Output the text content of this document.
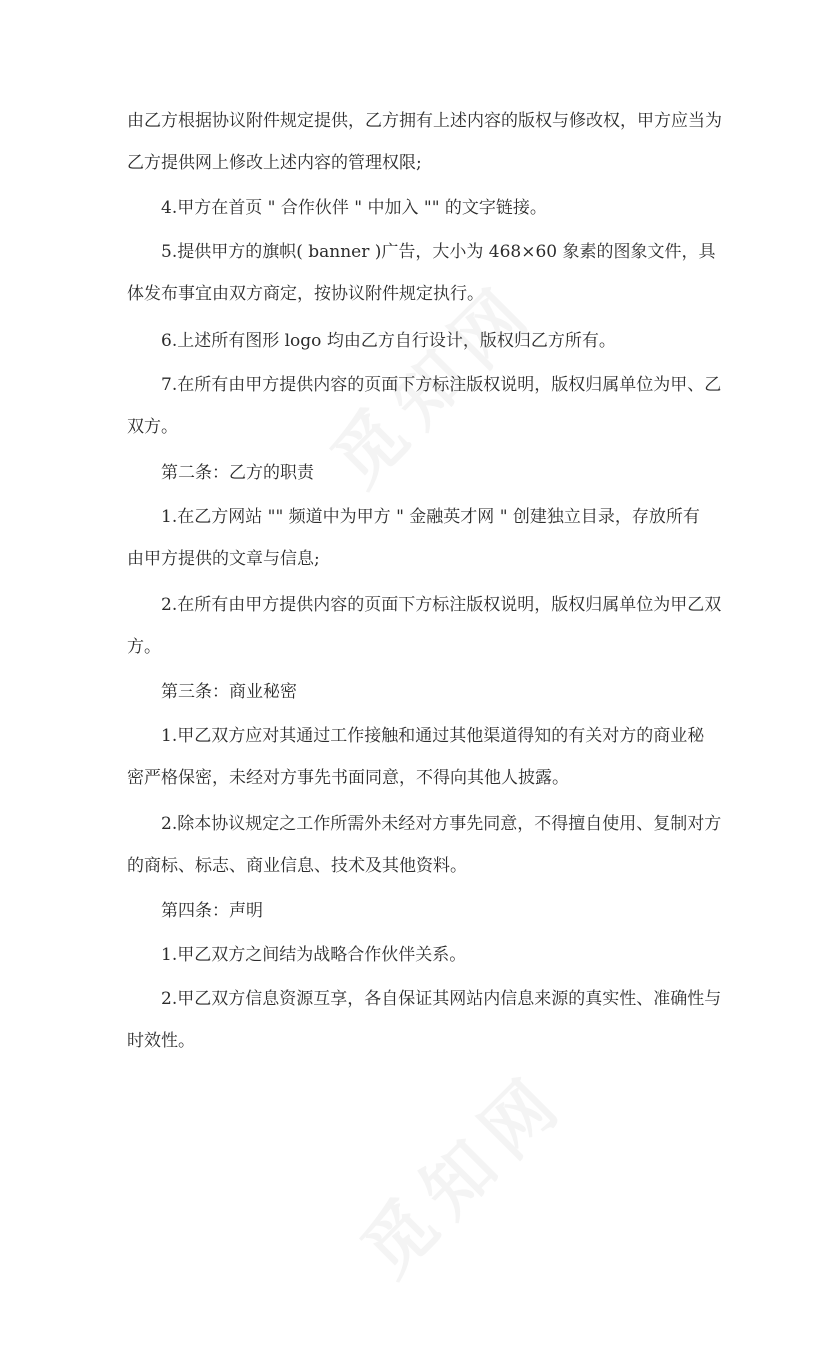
由乙方根据协议附件规定提供，乙方拥有上述内容的版权与修改权，甲方应当为
乙方提供网上修改上述内容的管理权限;

4.甲方在首页 " 合作伙伴 " 中加入 "" 的文字链接。

5.提供甲方的旗帜( banner )广告，大小为 468×60 象素的图象文件，具
体发布事宜由双方商定，按协议附件规定执行。

6.上述所有图形 logo 均由乙方自行设计，版权归乙方所有。

7.在所有由甲方提供内容的页面下方标注版权说明，版权归属单位为甲、乙
双方。

第二条：乙方的职责

1.在乙方网站 "" 频道中为甲方 " 金融英才网 " 创建独立目录，存放所有
由甲方提供的文章与信息;

2.在所有由甲方提供内容的页面下方标注版权说明，版权归属单位为甲乙双
方。

第三条：商业秘密

1.甲乙双方应对其通过工作接触和通过其他渠道得知的有关对方的商业秘
密严格保密，未经对方事先书面同意，不得向其他人披露。

2.除本协议规定之工作所需外未经对方事先同意，不得擅自使用、复制对方
的商标、标志、商业信息、技术及其他资料。

第四条：声明

1.甲乙双方之间结为战略合作伙伴关系。

2.甲乙双方信息资源互享，各自保证其网站内信息来源的真实性、准确性与
时效性。
